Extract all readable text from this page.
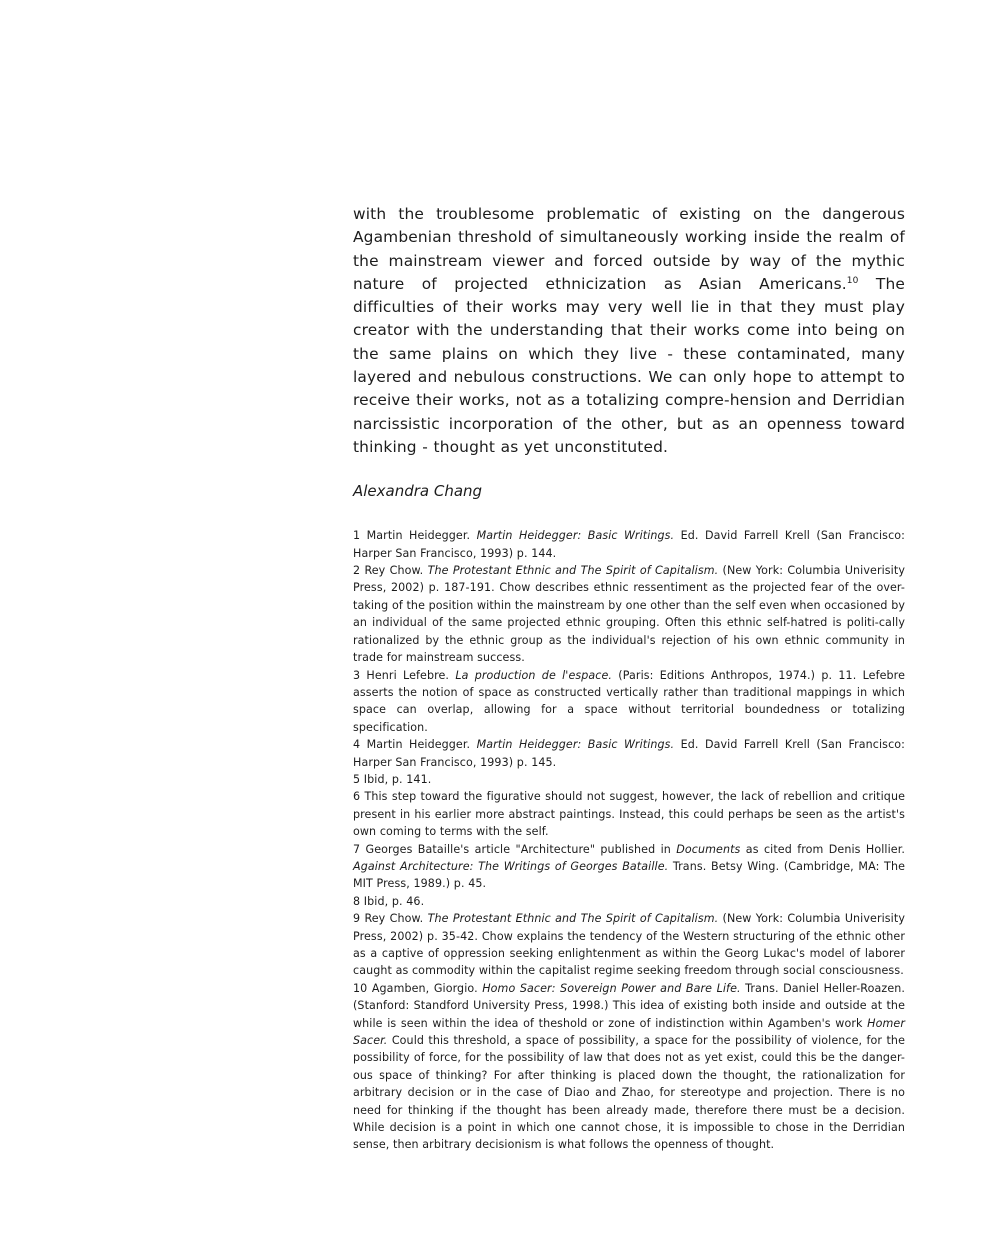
with the troublesome problematic of existing on the dangerous Agambenian threshold of simultaneously working inside the realm of the mainstream viewer and forced outside by way of the mythic nature of projected ethnicization as Asian Americans.$^{10}$ The difficulties of their works may very well lie in that they must play creator with the understanding that their works come into being on the same plains on which they live - these contaminated, many layered and nebulous constructions. We can only hope to attempt to receive their works, not as a totalizing compre-hension and Derridian narcissistic incorporation of the other, but as an openness toward thinking - thought as yet unconstituted.

Alexandra Chang

1 Martin Heidegger. Martin Heidegger: Basic Writings. Ed. David Farrell Krell (San Francisco: Harper San Francisco, 1993) p. 144.

2 Rey Chow. The Protestant Ethnic and The Spirit of Capitalism. (New York: Columbia Univerisity Press, 2002) p. 187-191. Chow describes ethnic ressentiment as the projected fear of the over-taking of the position within the mainstream by one other than the self even when occasioned by an individual of the same projected ethnic grouping. Often this ethnic self-hatred is politi-cally rationalized by the ethnic group as the individual's rejection of his own ethnic community in trade for mainstream success.

3 Henri Lefebre. La production de l'espace. (Paris: Editions Anthropos, 1974.) p. 11. Lefebre asserts the notion of space as constructed vertically rather than traditional mappings in which space can overlap, allowing for a space without territorial boundedness or totalizing specification.

4 Martin Heidegger. Martin Heidegger: Basic Writings. Ed. David Farrell Krell (San Francisco: Harper San Francisco, 1993) p. 145.

5 Ibid, p. 141.

6 This step toward the figurative should not suggest, however, the lack of rebellion and critique present in his earlier more abstract paintings. Instead, this could perhaps be seen as the artist's own coming to terms with the self.

7 Georges Bataille's article "Architecture" published in Documents as cited from Denis Hollier. Against Architecture: The Writings of Georges Bataille. Trans. Betsy Wing. (Cambridge, MA: The MIT Press, 1989.) p. 45.

8 Ibid, p. 46.

9 Rey Chow. The Protestant Ethnic and The Spirit of Capitalism. (New York: Columbia Univerisity Press, 2002) p. 35-42. Chow explains the tendency of the Western structuring of the ethnic other as a captive of oppression seeking enlightenment as within the Georg Lukac's model of laborer caught as commodity within the capitalist regime seeking freedom through social consciousness.

10 Agamben, Giorgio. Homo Sacer: Sovereign Power and Bare Life. Trans. Daniel Heller-Roazen. (Stanford: Standford University Press, 1998.) This idea of existing both inside and outside at the while is seen within the idea of theshold or zone of indistinction within Agamben's work Homer Sacer. Could this threshold, a space of possibility, a space for the possibility of violence, for the possibility of force, for the possibility of law that does not as yet exist, could this be the danger-ous space of thinking? For after thinking is placed down the thought, the rationalization for arbitrary decision or in the case of Diao and Zhao, for stereotype and projection. There is no need for thinking if the thought has been already made, therefore there must be a decision. While decision is a point in which one cannot chose, it is impossible to chose in the Derridian sense, then arbitrary decisionism is what follows the openness of thought.
